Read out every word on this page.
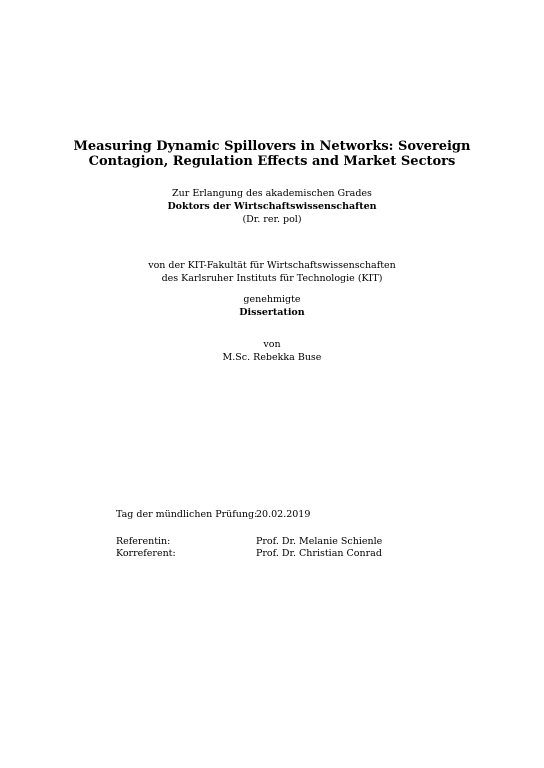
Measuring Dynamic Spillovers in Networks: Sovereign
Contagion, Regulation Effects and Market Sectors
Zur Erlangung des akademischen Grades
Doktors der Wirtschaftswissenschaften
(Dr. rer. pol)
von der KIT-Fakultät für Wirtschaftswissenschaften
des Karlsruher Instituts für Technologie (KIT)
genehmigte
Dissertation
von
M.Sc. Rebekka Buse
Tag der mündlichen Prüfung:
20.02.2019
Referentin:	Prof. Dr. Melanie Schienle
Korreferent:	Prof. Dr. Christian Conrad
